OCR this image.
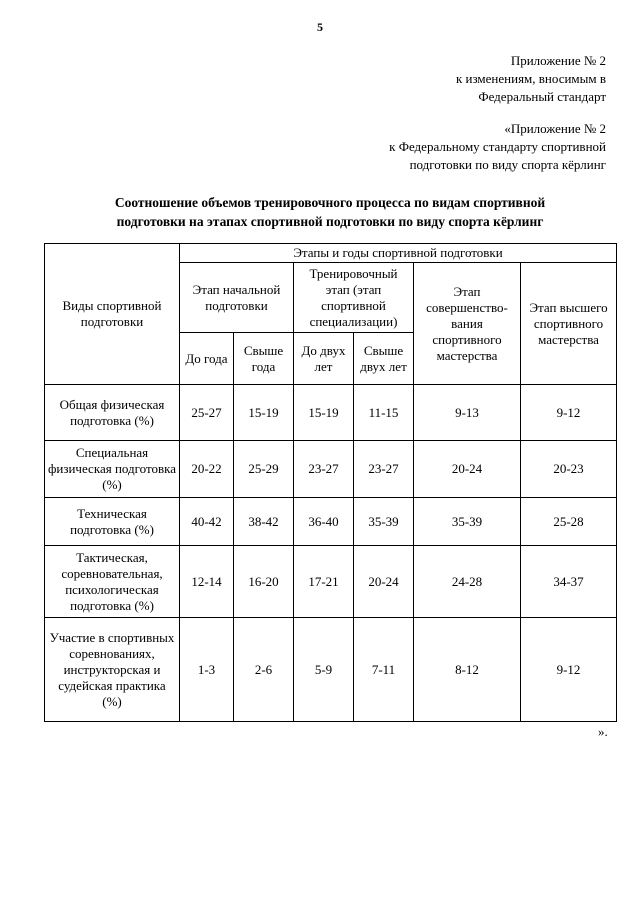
5
Приложение № 2
к изменениям, вносимым в
Федеральный стандарт
«Приложение № 2
к Федеральному стандарту спортивной
подготовки по виду спорта кёрлинг
Соотношение объемов тренировочного процесса по видам спортивной
подготовки на этапах спортивной подготовки по виду спорта кёрлинг
Виды спортивной подготовки	Этапы и годы спортивной подготовки					
	Этап начальной подготовки		Тренировочный этап (этап спортивной специализации)		Этап совершенство-вания спортивного мастерства	Этап высшего спортивного мастерства
	До года	Свыше года	До двух лет	Свыше двух лет		
Общая физическая подготовка (%)	25-27	15-19	15-19	11-15	9-13	9-12
Специальная физическая подготовка (%)	20-22	25-29	23-27	23-27	20-24	20-23
Техническая подготовка (%)	40-42	38-42	36-40	35-39	35-39	25-28
Тактическая, соревновательная, психологическая подготовка (%)	12-14	16-20	17-21	20-24	24-28	34-37
Участие в спортивных соревнованиях, инструкторская и судейская практика (%)	1-3	2-6	5-9	7-11	8-12	9-12
».
